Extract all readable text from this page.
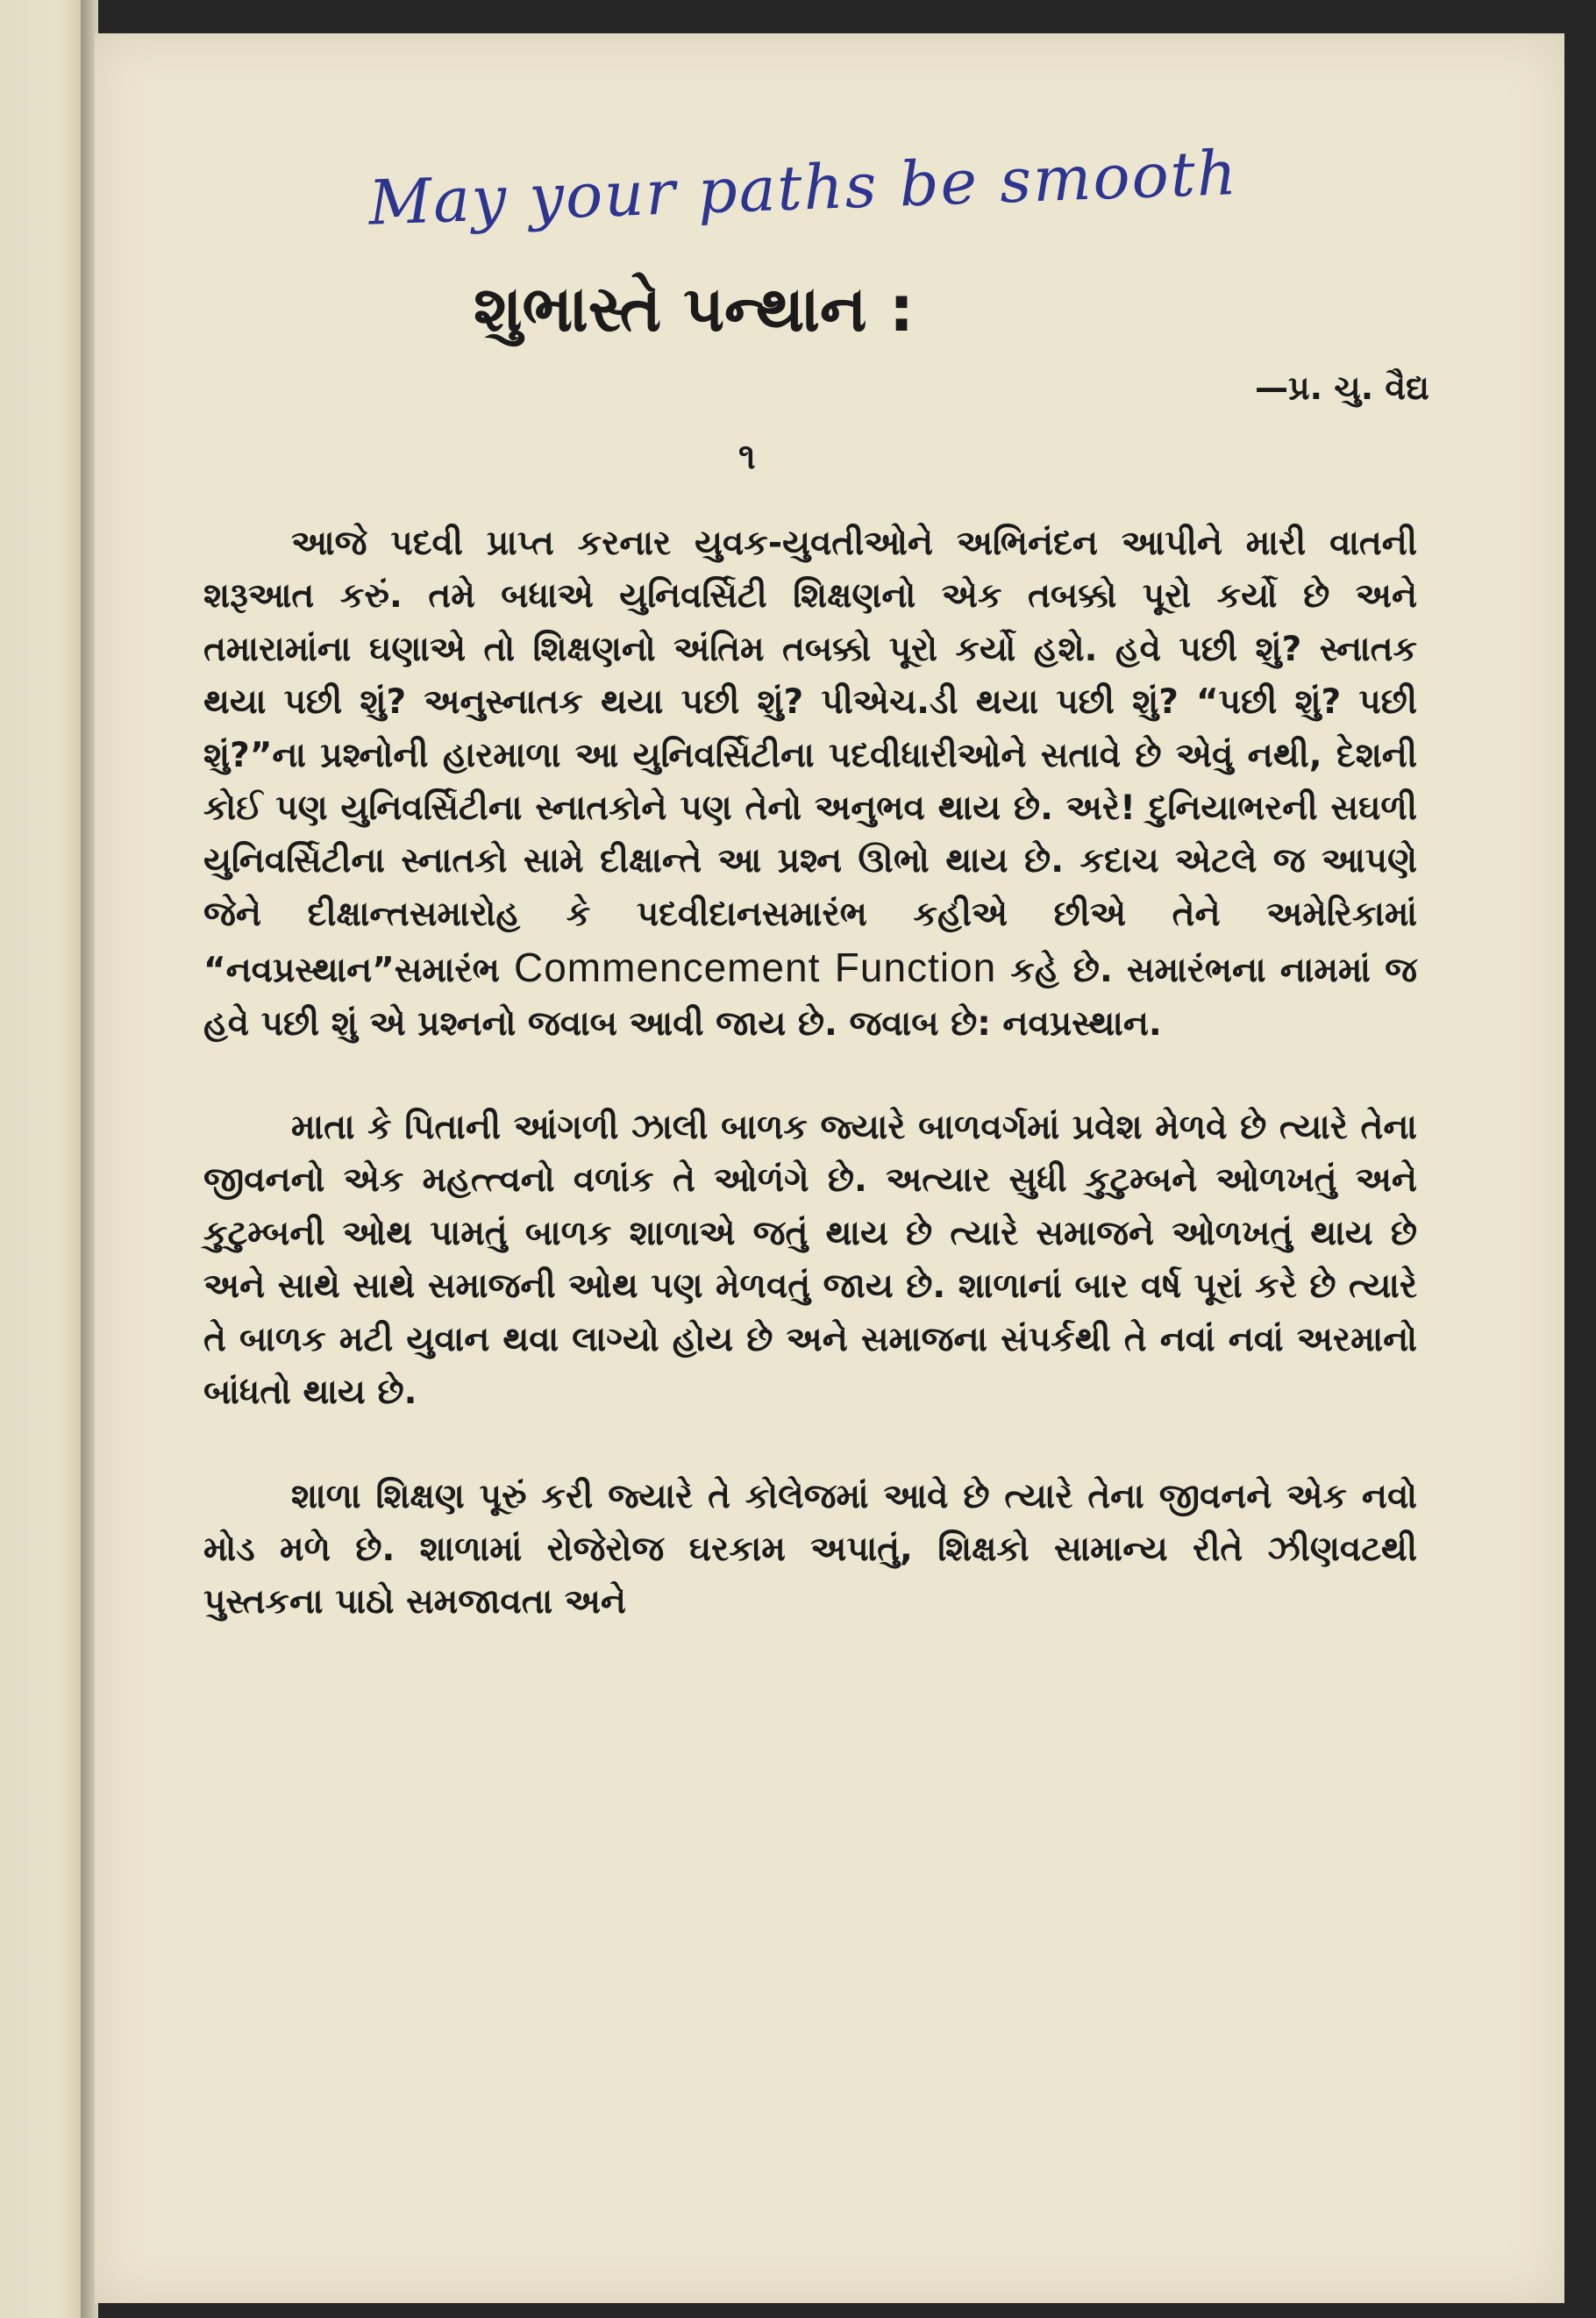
May your paths be smooth
શુભાસ્તે પન્થાન :
—પ્ર. ચુ. વૈદ્ય
૧

આજે પદવી પ્રાપ્ત કરનાર યુવક-યુવતીઓને અભિનંદન આપીને મારી વાતની શરૂઆત કરું. તમે બધાએ યુનિવર્સિટી શિક્ષણનો એક તબક્કો પૂરો કર્યો છે અને તમારામાંના ઘણાએ તો શિક્ષણનો અંતિમ તબક્કો પૂરો કર્યો હશે. હવે પછી શું? સ્નાતક થયા પછી શું? અનુસ્નાતક થયા પછી શું? પીએચ.ડી થયા પછી શું? “પછી શું? પછી શું?”ના પ્રશ્નોની હારમાળા આ યુનિવર્સિટીના પદવીધારીઓને સતાવે છે એવું નથી, દેશની કોઈ પણ યુનિવર્સિટીના સ્નાતકોને પણ તેનો અનુભવ થાય છે. અરે! દુનિયાભરની સઘળી યુનિવર્સિટીના સ્નાતકો સામે દીક્ષાન્તે આ પ્રશ્ન ઊભો થાય છે. કદાચ એટલે જ આપણે જેને દીક્ષાન્તસમારોહ કે પદવીદાનસમારંભ કહીએ છીએ તેને અમેરિકામાં “નવપ્રસ્થાન”સમારંભ Commencement Function કહે છે. સમારંભના નામમાં જ હવે પછી શું એ પ્રશ્નનો જવાબ આવી જાય છે. જવાબ છે: નવપ્રસ્થાન.

માતા કે પિતાની આંગળી ઝાલી બાળક જ્યારે બાળવર્ગમાં પ્રવેશ મેળવે છે ત્યારે તેના જીવનનો એક મહત્ત્વનો વળાંક તે ઓળંગે છે. અત્યાર સુધી કુટુમ્બને ઓળખતું અને કુટુમ્બની ઓથ પામતું બાળક શાળાએ જતું થાય છે ત્યારે સમાજને ઓળખતું થાય છે અને સાથે સાથે સમાજની ઓથ પણ મેળવતું જાય છે. શાળાનાં બાર વર્ષ પૂરાં કરે છે ત્યારે તે બાળક મટી યુવાન થવા લાગ્યો હોય છે અને સમાજના સંપર્કથી તે નવાં નવાં અરમાનો બાંધતો થાય છે.

શાળા શિક્ષણ પૂરું કરી જ્યારે તે કોલેજમાં આવે છે ત્યારે તેના જીવનને એક નવો મોડ મળે છે. શાળામાં રોજેરોજ ઘરકામ અપાતું, શિક્ષકો સામાન્ય રીતે ઝીણવટથી પુસ્તકના પાઠો સમજાવતા અને
